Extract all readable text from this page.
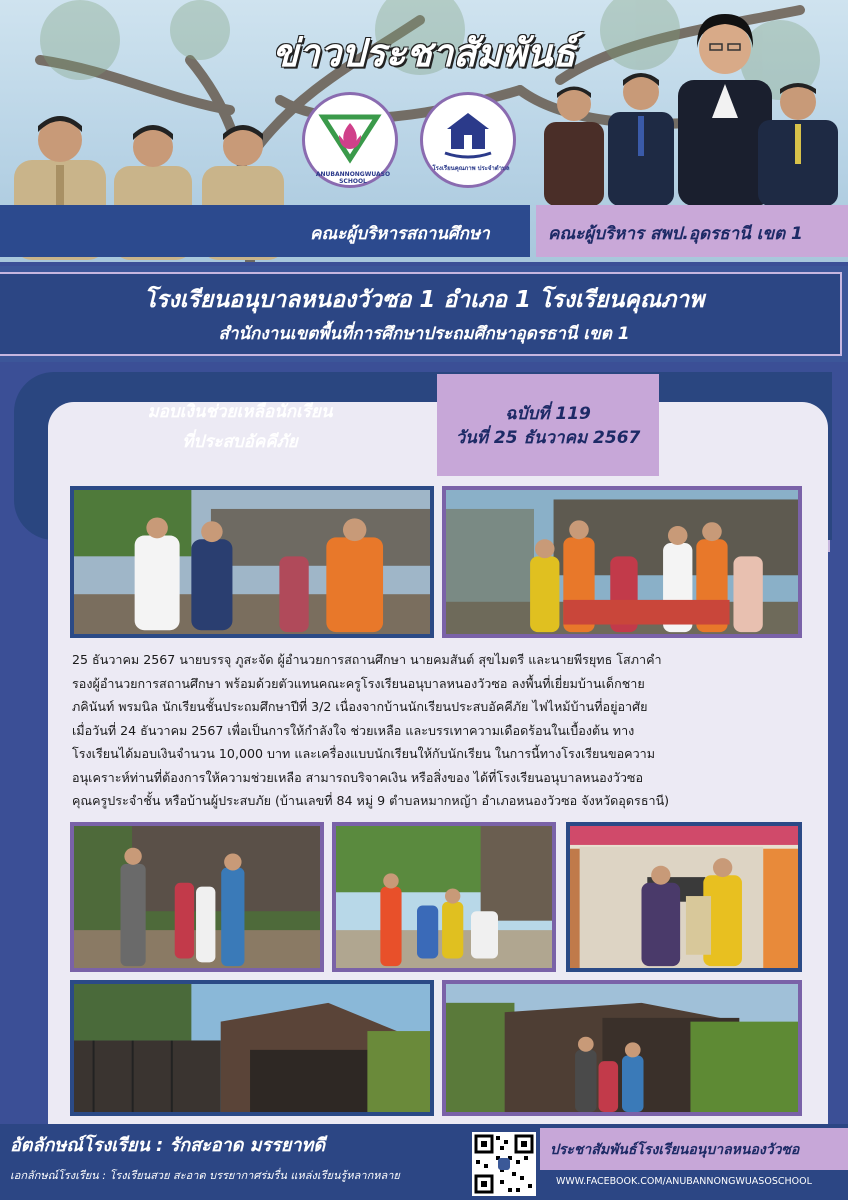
ข่าวประชาสัมพันธ์
ANUBANNONGWUASO SCHOOL
โรงเรียนคุณภาพ ประจำตำบล
คณะผู้บริหารสถานศึกษา	คณะผู้บริหาร สพป.อุดรธานี เขต 1
โรงเรียนอนุบาลหนองวัวซอ 1 อำเภอ 1 โรงเรียนคุณภาพ
สำนักงานเขตพื้นที่การศึกษาประถมศึกษาอุดรธานี เขต 1
มอบเงินช่วยเหลือนักเรียน
ที่ประสบอัคคีภัย
ฉบับที่ 119
วันที่ 25 ธันวาคม 2567
25 ธันวาคม 2567 นายบรรจุ ภูสะจัด ผู้อำนวยการสถานศึกษา นายคมสันต์ สุขไมตรี และนายพีรยุทธ โสภาคำ
รองผู้อำนวยการสถานศึกษา พร้อมด้วยตัวแทนคณะครูโรงเรียนอนุบาลหนองวัวซอ ลงพื้นที่เยี่ยมบ้านเด็กชาย
ภคินันท์ พรมนิล นักเรียนชั้นประถมศึกษาปีที่ 3/2 เนื่องจากบ้านนักเรียนประสบอัคคีภัย ไฟไหม้บ้านที่อยู่อาศัย
เมื่อวันที่ 24 ธันวาคม 2567 เพื่อเป็นการให้กำลังใจ ช่วยเหลือ และบรรเทาความเดือดร้อนในเบื้องต้น ทาง
โรงเรียนได้มอบเงินจำนวน 10,000 บาท และเครื่องแบบนักเรียนให้กับนักเรียน ในการนี้ทางโรงเรียนขอความ
อนุเคราะห์ท่านที่ต้องการให้ความช่วยเหลือ สามารถบริจาคเงิน หรือสิ่งของ ได้ที่โรงเรียนอนุบาลหนองวัวซอ
คุณครูประจำชั้น หรือบ้านผู้ประสบภัย (บ้านเลขที่ 84 หมู่ 9 ตำบลหมากหญ้า อำเภอหนองวัวซอ จังหวัดอุดรธานี)
อัตลักษณ์โรงเรียน : รักสะอาด มรรยาทดี
เอกลักษณ์โรงเรียน : โรงเรียนสวย สะอาด บรรยากาศร่มรื่น แหล่งเรียนรู้หลากหลาย
ประชาสัมพันธ์โรงเรียนอนุบาลหนองวัวซอ
WWW.FACEBOOK.COM/ANUBANNONGWUASOSCHOOL
